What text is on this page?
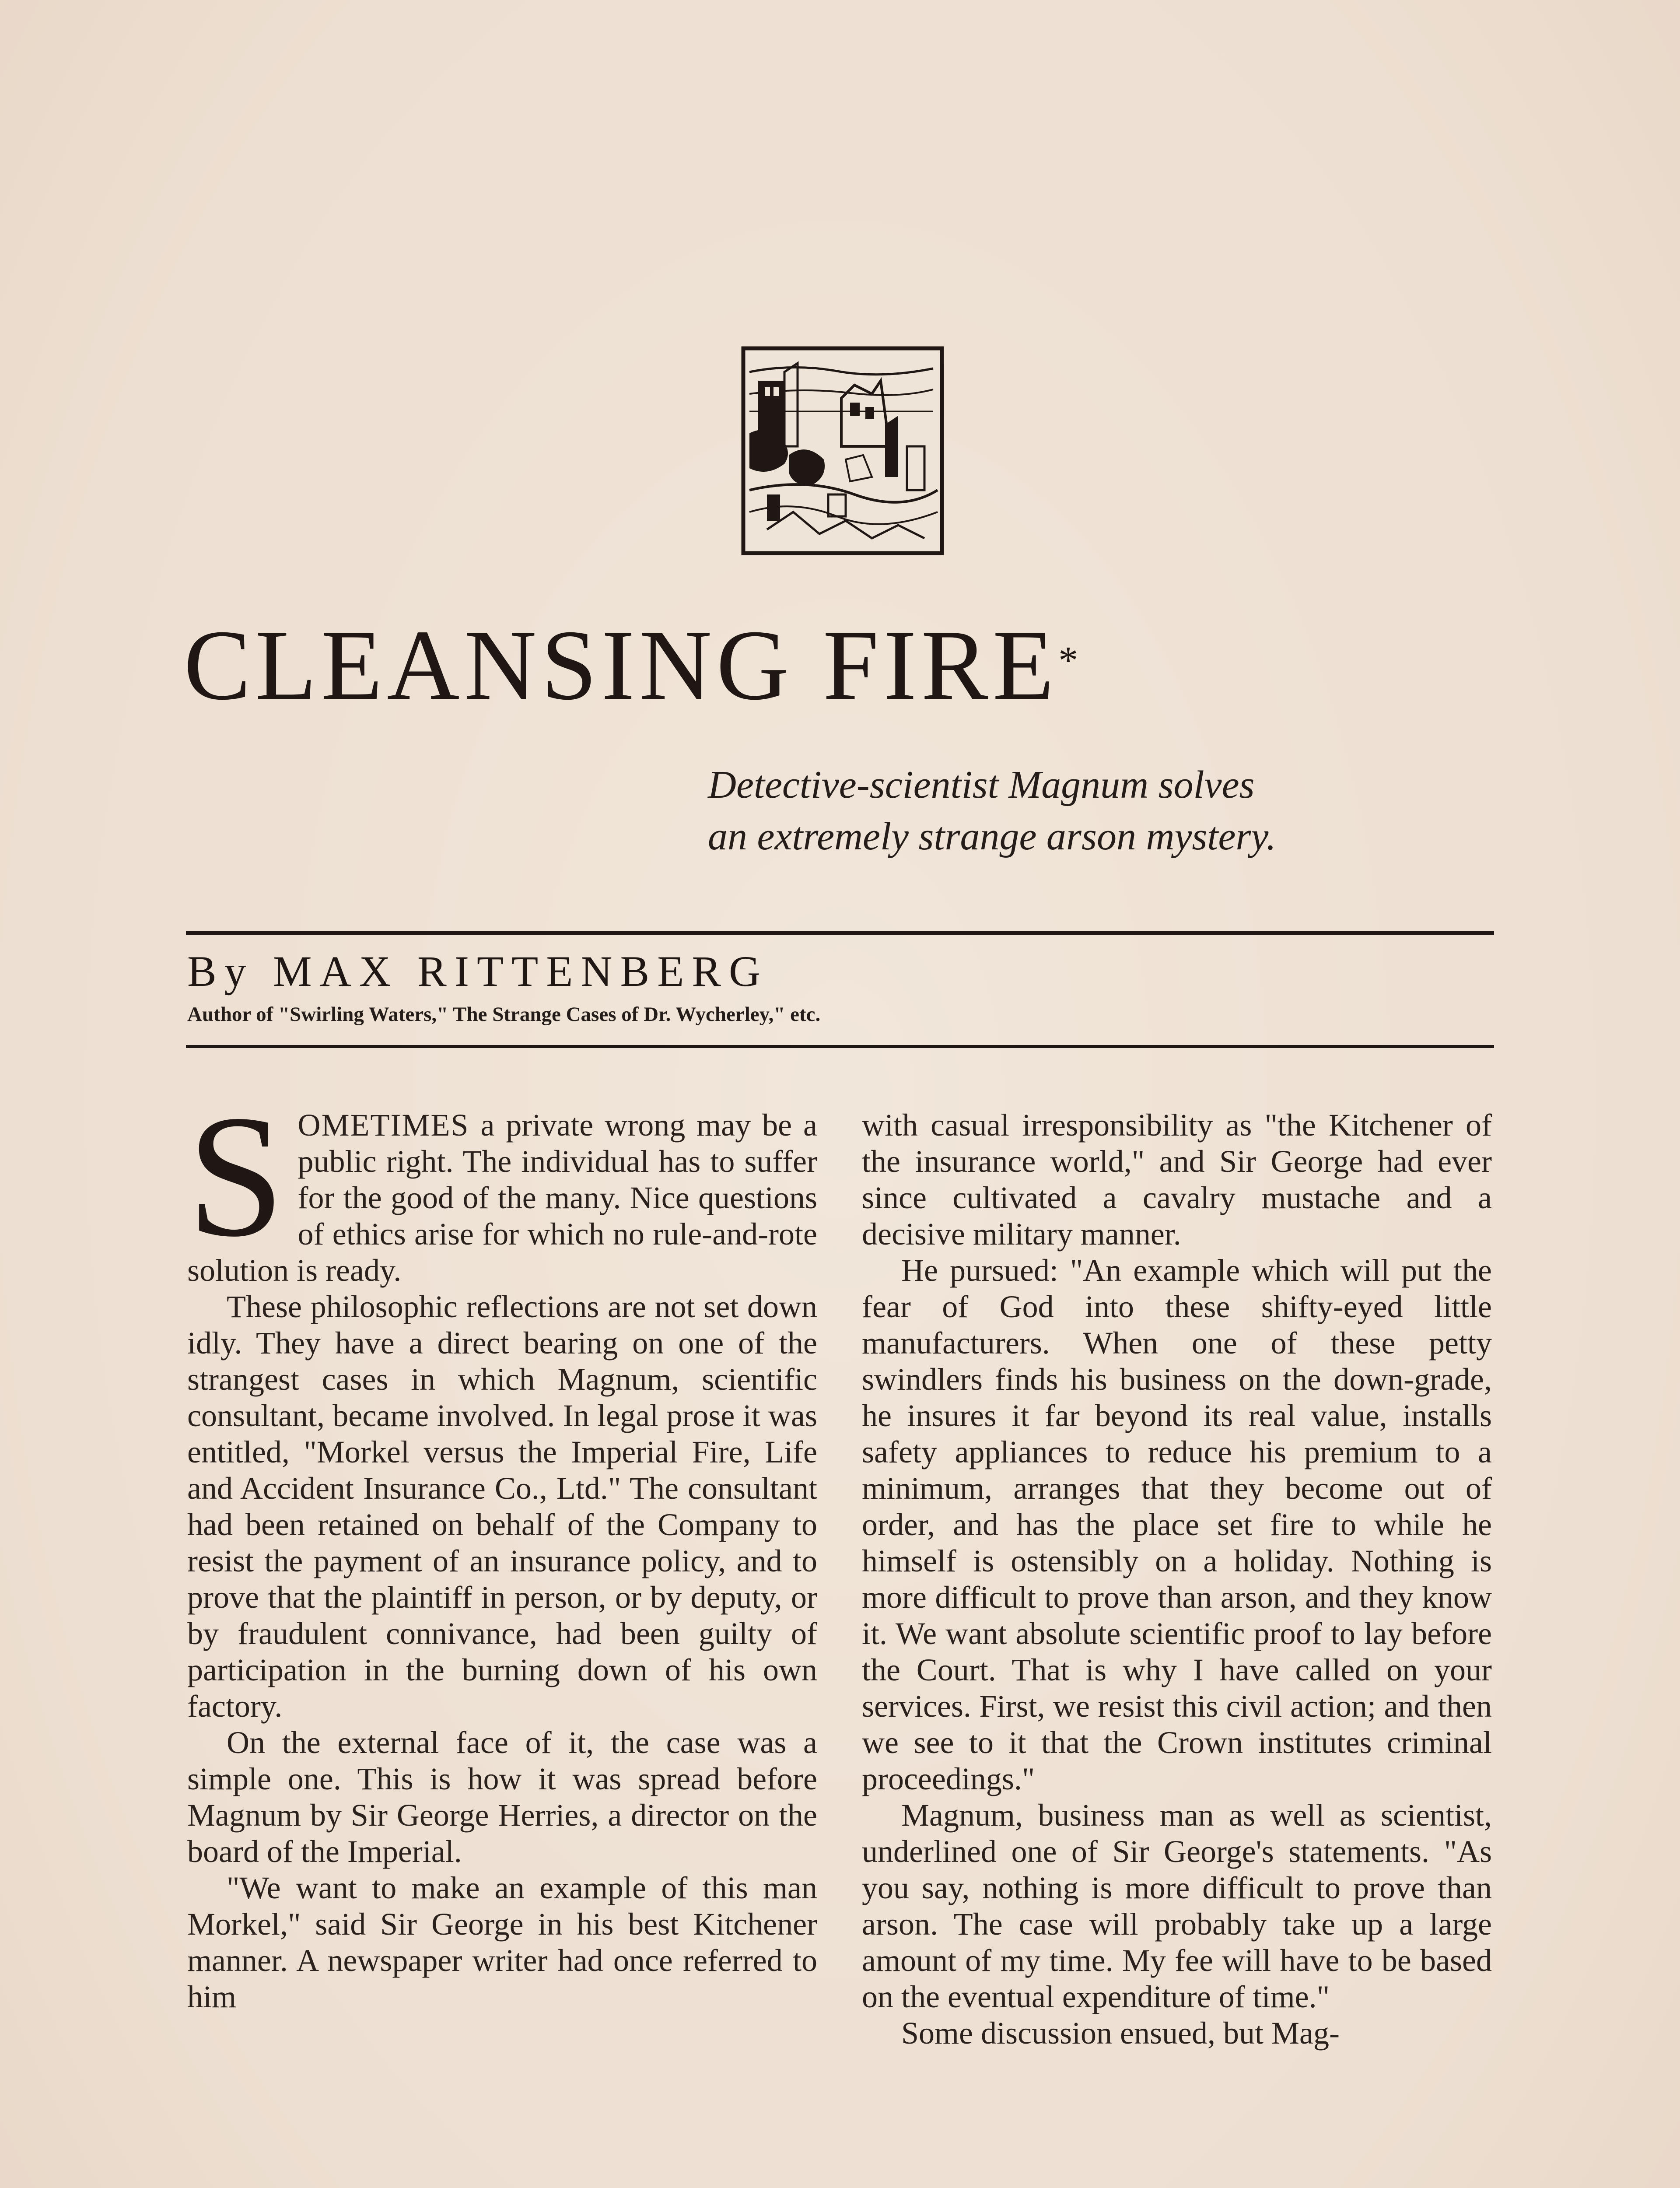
CLEANSING FIRE*
Detective-scientist Magnum solves
an extremely strange arson mystery.
By MAX RITTENBERG
Author of "Swirling Waters," The Strange Cases of Dr. Wycherley," etc.

SOMETIMES a private wrong may be a public right. The individual has to suffer for the good of the many. Nice questions of ethics arise for which no rule-and-rote solution is ready.

These philosophic reflections are not set down idly. They have a direct bearing on one of the strangest cases in which Magnum, scientific consultant, became involved. In legal prose it was entitled, "Morkel versus the Imperial Fire, Life and Accident Insurance Co., Ltd." The consultant had been retained on behalf of the Company to resist the payment of an insurance policy, and to prove that the plaintiff in person, or by deputy, or by fraudulent connivance, had been guilty of participation in the burning down of his own factory.

On the external face of it, the case was a simple one. This is how it was spread before Magnum by Sir George Herries, a director on the board of the Imperial.

"We want to make an example of this man Morkel," said Sir George in his best Kitchener manner. A newspaper writer had once referred to him

with casual irresponsibility as "the Kitchener of the insurance world," and Sir George had ever since cultivated a cavalry mustache and a decisive military manner.

He pursued: "An example which will put the fear of God into these shifty-eyed little manufacturers. When one of these petty swindlers finds his business on the down-grade, he insures it far beyond its real value, installs safety appliances to reduce his premium to a minimum, arranges that they become out of order, and has the place set fire to while he himself is ostensibly on a holiday. Nothing is more difficult to prove than arson, and they know it. We want absolute scientific proof to lay before the Court. That is why I have called on your services. First, we resist this civil action; and then we see to it that the Crown institutes criminal proceedings."

Magnum, business man as well as scientist, underlined one of Sir George's statements. "As you say, nothing is more difficult to prove than arson. The case will probably take up a large amount of my time. My fee will have to be based on the eventual expenditure of time."

Some discussion ensued, but Mag-
